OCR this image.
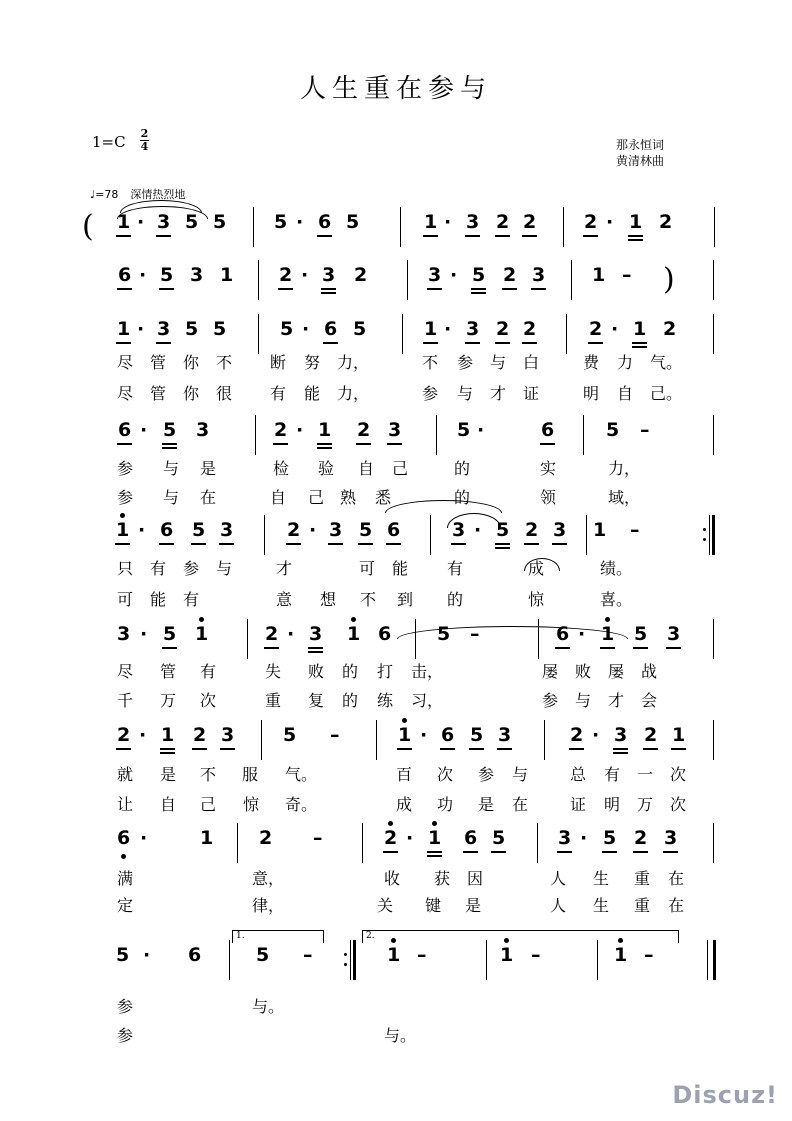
人生重在参与
1=C 2
4	那永恒词
黄清林曲
♩=78 深情热烈地
1 · 3 5 5	5 · 6 5	1 · 3 2 2	2 · 1 2
6 · 5 3 1 2 · 3 2	3 · 5 2 3 1 –
1 · 3 5 5	5 · 6 5	1 · 3 2 2	2 · 1 2
尽 管 你 不 断 努 力，	不 参 与 白	费 力 气。
尽 管 你 很 有 能 力，	参 与 才 证	明 自 己。
6 · 5 3	2 · 1 2 3	5 ·	6	5 –
参 与 是	检 验 自 己	的	实	力，
参 与 在	自 己 熟 悉	的	领	域，
1 · 6 5 3	2 · 3 5 6	3 · 5 2 3 1 –
只 有 参 与	才	可 能 有	成	绩。
可 能 有	意 想 不 到 的	惊	喜。
3 · 5 1	2 · 3 1 6 5 –	6 · 1 5 3
尽 管 有	失 败 的 打 击，	屡 败 屡 战
千 万 次	重 复 的 练 习，	参 与 才 会
2 · 1 2 3	5 –	1 · 6 5 3	2 · 3 2 1
就 是 不 服 气。	百 次 参 与	总 有 一 次
让 自 己 惊 奇。	成 功 是 在	证 明 万 次
6 ·	1 2 –	2 · 1 6 5	3 · 5 2 3
满	意，	收 获 因	人 生 重 在
定	律，	关 键 是	人 生 重 在
5 · 6	5 –	1 –	1 –	1 –
参	与。
参	与。
(
)
1.	2.
Discuz!
